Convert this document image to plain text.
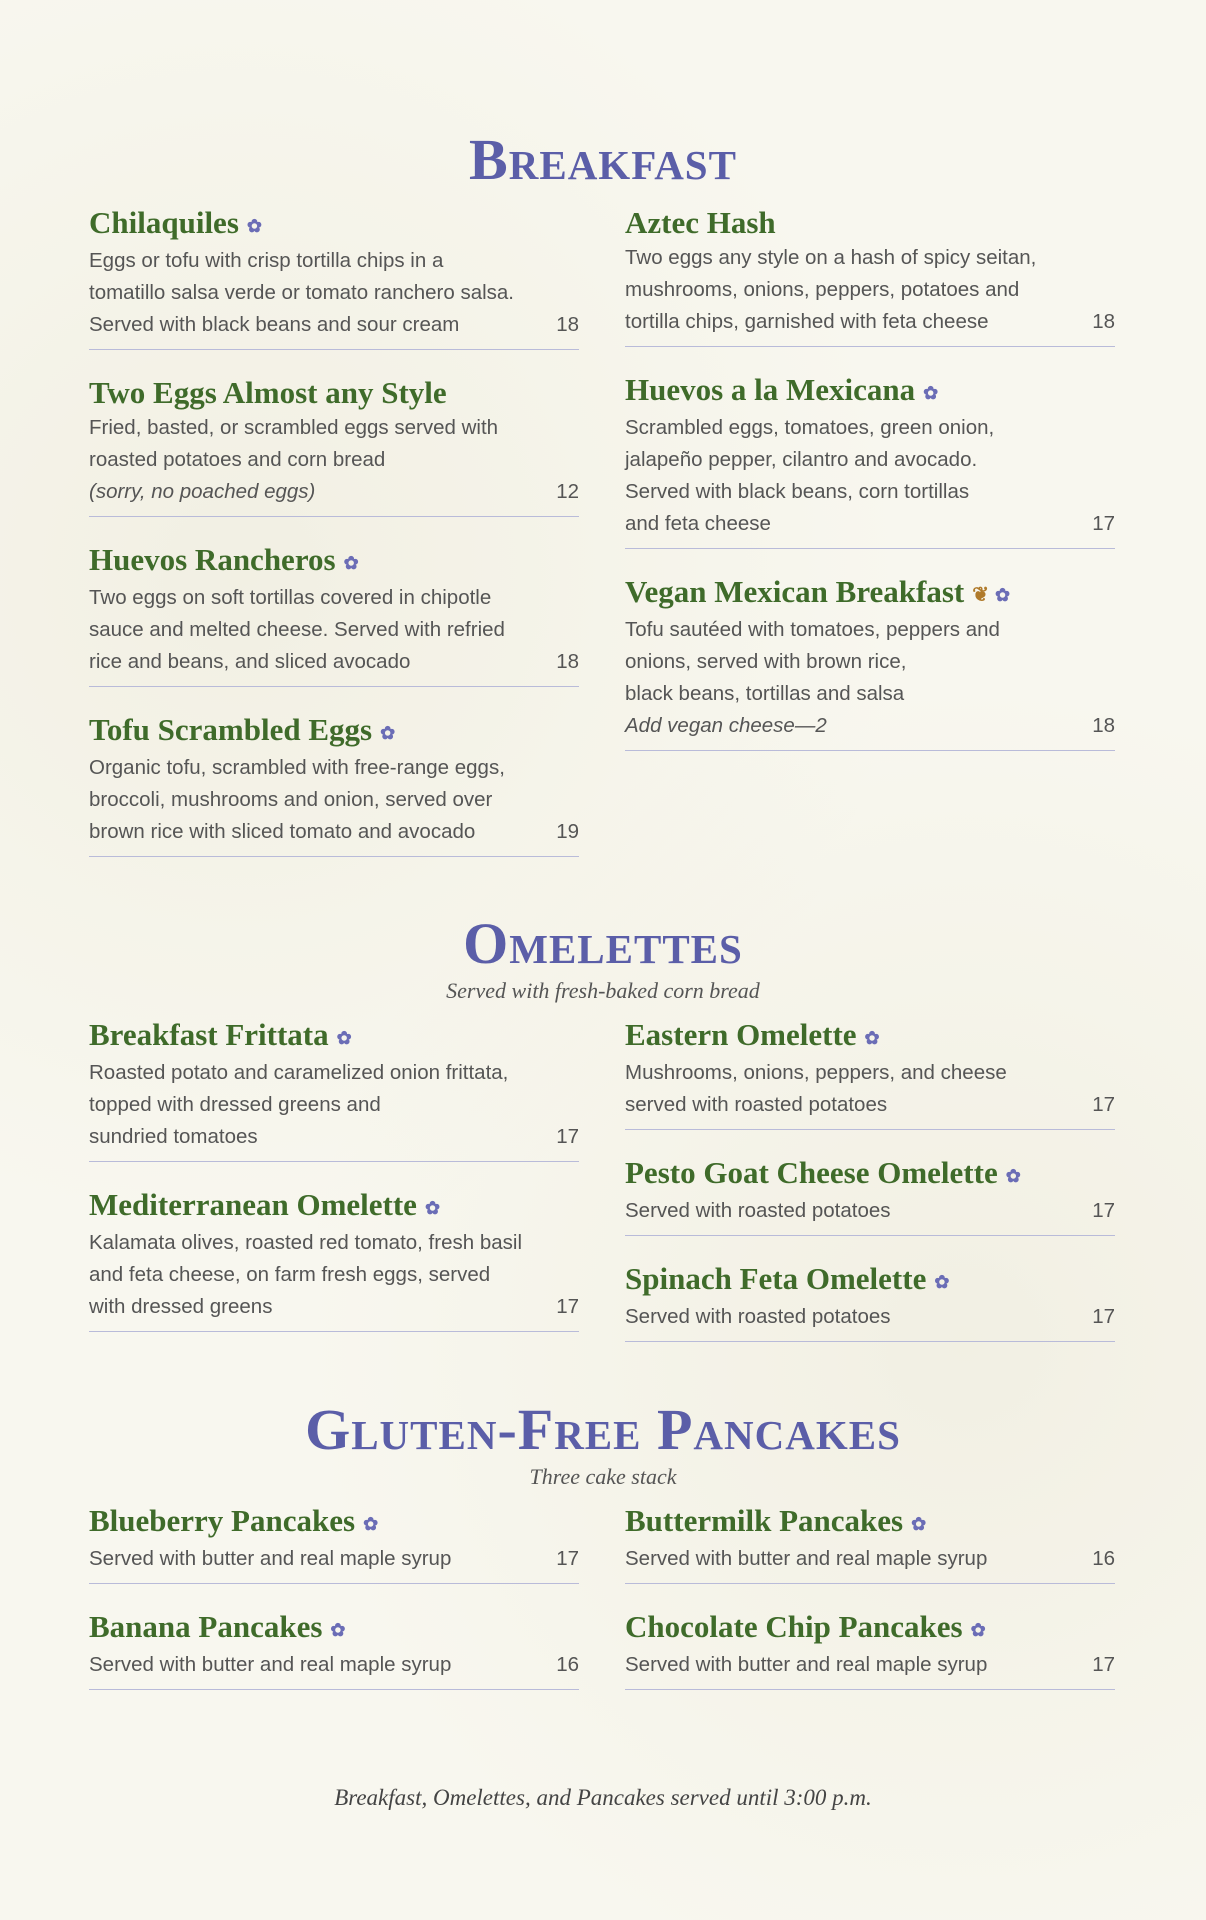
Breakfast
Chilaquiles ✿
Eggs or tofu with crisp tortilla chips in a
tomatillo salsa verde or tomato ranchero salsa.
Served with black beans and sour cream	18
Two Eggs Almost any Style
Fried, basted, or scrambled eggs served with
roasted potatoes and corn bread
(sorry, no poached eggs)	12
Huevos Rancheros ✿
Two eggs on soft tortillas covered in chipotle
sauce and melted cheese. Served with refried
rice and beans, and sliced avocado	18
Tofu Scrambled Eggs ✿
Organic tofu, scrambled with free-range eggs,
broccoli, mushrooms and onion, served over
brown rice with sliced tomato and avocado	19
Aztec Hash
Two eggs any style on a hash of spicy seitan,
mushrooms, onions, peppers, potatoes and
tortilla chips, garnished with feta cheese	18
Huevos a la Mexicana ✿
Scrambled eggs, tomatoes, green onion,
jalapeño pepper, cilantro and avocado.
Served with black beans, corn tortillas
and feta cheese	17
Vegan Mexican Breakfast ❦ ✿
Tofu sautéed with tomatoes, peppers and
onions, served with brown rice,
black beans, tortillas and salsa
Add vegan cheese—2	18
Omelettes
Served with fresh-baked corn bread
Breakfast Frittata ✿
Roasted potato and caramelized onion frittata,
topped with dressed greens and
sundried tomatoes	17
Mediterranean Omelette ✿
Kalamata olives, roasted red tomato, fresh basil
and feta cheese, on farm fresh eggs, served
with dressed greens	17
Eastern Omelette ✿
Mushrooms, onions, peppers, and cheese
served with roasted potatoes	17
Pesto Goat Cheese Omelette ✿
Served with roasted potatoes	17
Spinach Feta Omelette ✿
Served with roasted potatoes	17
Gluten-Free Pancakes
Three cake stack
Blueberry Pancakes ✿
Served with butter and real maple syrup	17
Banana Pancakes ✿
Served with butter and real maple syrup	16
Buttermilk Pancakes ✿
Served with butter and real maple syrup	16
Chocolate Chip Pancakes ✿
Served with butter and real maple syrup	17
Breakfast, Omelettes, and Pancakes served until 3:00 p.m.
